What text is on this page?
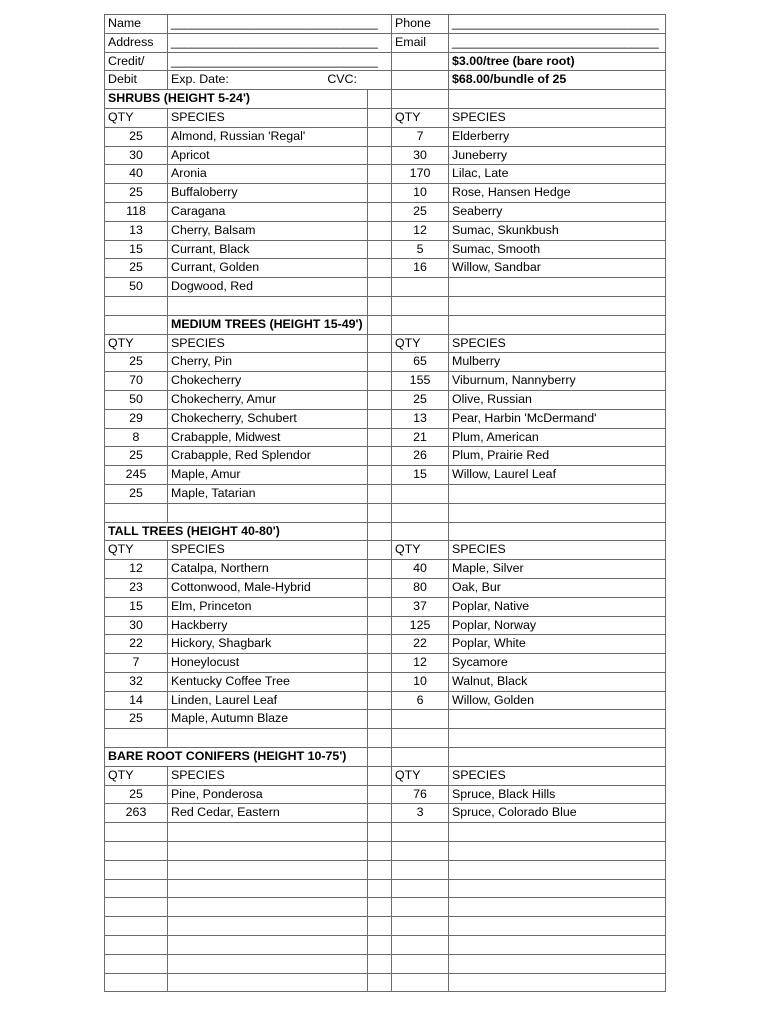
Name	______________________________		Phone	______________________________
Address	______________________________		Email	______________________________
Credit/	______________________________			$3.00/tree (bare root)
Debit	Exp. Date: CVC:			$68.00/bundle of 25
SHRUBS (HEIGHT 5-24')				
QTY	SPECIES		QTY	SPECIES
25	Almond, Russian 'Regal'		7	Elderberry
30	Apricot		30	Juneberry
40	Aronia		170	Lilac, Late
25	Buffaloberry		10	Rose, Hansen Hedge
118	Caragana		25	Seaberry
13	Cherry, Balsam		12	Sumac, Skunkbush
15	Currant, Black		5	Sumac, Smooth
25	Currant, Golden		16	Willow, Sandbar
50	Dogwood, Red			

	MEDIUM TREES (HEIGHT 15-49')			
QTY	SPECIES		QTY	SPECIES
25	Cherry, Pin		65	Mulberry
70	Chokecherry		155	Viburnum, Nannyberry
50	Chokecherry, Amur		25	Olive, Russian
29	Chokecherry, Schubert		13	Pear, Harbin 'McDermand'
8	Crabapple, Midwest		21	Plum, American
25	Crabapple, Red Splendor		26	Plum, Prairie Red
245	Maple, Amur		15	Willow, Laurel Leaf
25	Maple, Tatarian			

TALL TREES (HEIGHT 40-80')				
QTY	SPECIES		QTY	SPECIES
12	Catalpa, Northern		40	Maple, Silver
23	Cottonwood, Male-Hybrid		80	Oak, Bur
15	Elm, Princeton		37	Poplar, Native
30	Hackberry		125	Poplar, Norway
22	Hickory, Shagbark		22	Poplar, White
7	Honeylocust		12	Sycamore
32	Kentucky Coffee Tree		10	Walnut, Black
14	Linden, Laurel Leaf		6	Willow, Golden
25	Maple, Autumn Blaze			

BARE ROOT CONIFERS (HEIGHT 10-75')				
QTY	SPECIES		QTY	SPECIES
25	Pine, Ponderosa		76	Spruce, Black Hills
263	Red Cedar, Eastern		3	Spruce, Colorado Blue
